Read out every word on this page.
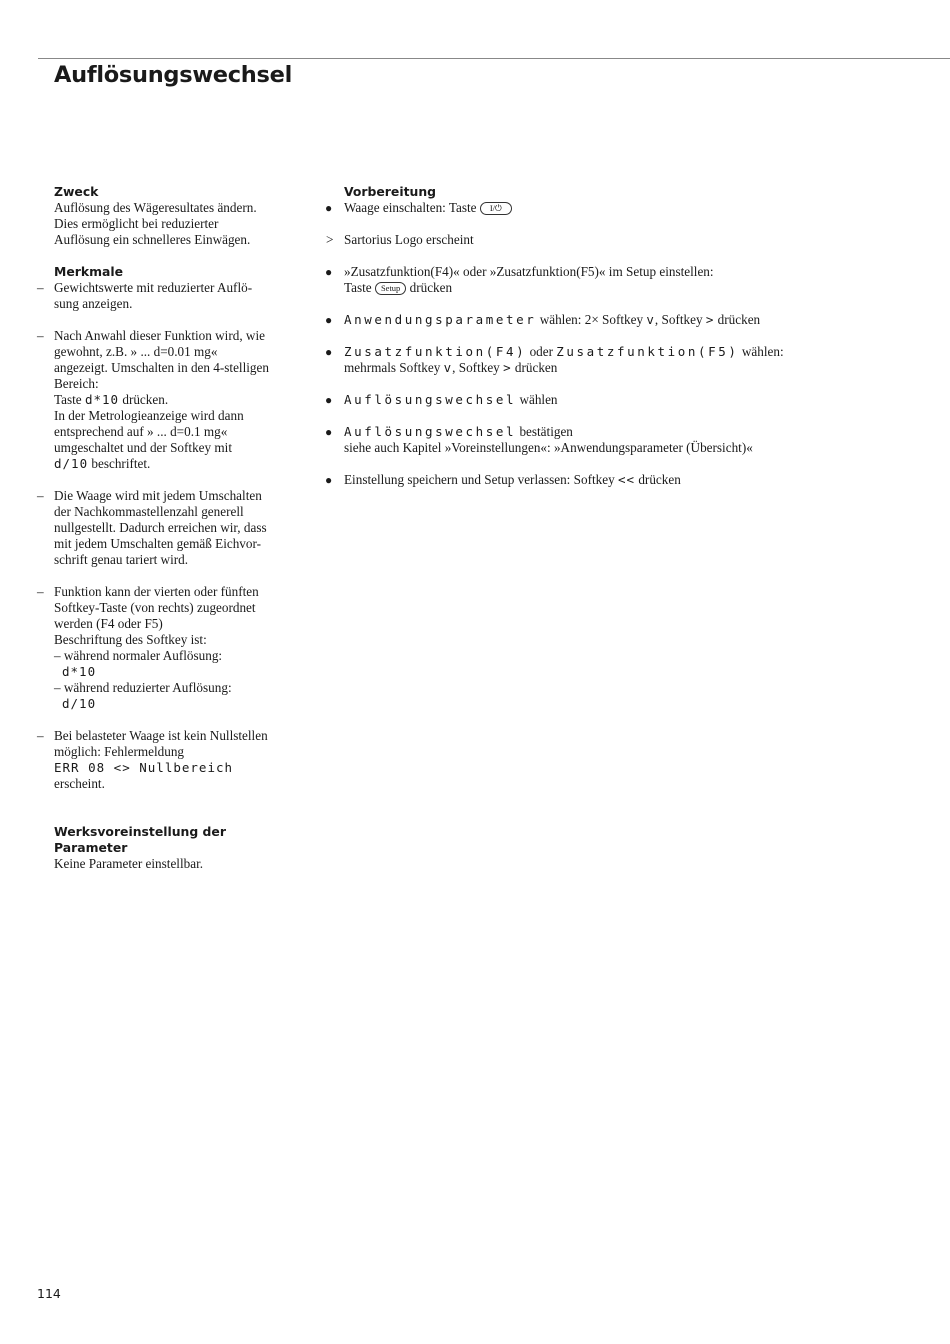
Auflösungswechsel

Zweck

Auflösung des Wägeresultates ändern.

Dies ermöglicht bei reduzierter

Auflösung ein schnelleres Einwägen.

Merkmale

– Gewichtswerte mit reduzierter Auflö-

sung anzeigen.

– Nach Anwahl dieser Funktion wird, wie

gewohnt, z.B. » ... d=0.01 mg«

angezeigt. Umschalten in den 4-stelligen

Bereich:

Taste d*10 drücken.

In der Metrologieanzeige wird dann

entsprechend auf » ... d=0.1 mg«

umgeschaltet und der Softkey mit

d/10 beschriftet.

– Die Waage wird mit jedem Umschalten

der Nachkommastellenzahl generell

nullgestellt. Dadurch erreichen wir, dass

mit jedem Umschalten gemäß Eichvor-

schrift genau tariert wird.

– Funktion kann der vierten oder fünften

Softkey-Taste (von rechts) zugeordnet

werden (F4 oder F5)

Beschriftung des Softkey ist:

– während normaler Auflösung:

d*10

– während reduzierter Auflösung:

d/10

– Bei belasteter Waage ist kein Nullstellen

möglich: Fehlermeldung

ERR 08 <> Nullbereich

erscheint.

Werksvoreinstellung der Parameter

Keine Parameter einstellbar.

Vorbereitung

● Waage einschalten: Taste I/⏻
> Sartorius Logo erscheint
● »Zusatzfunktion(F4)« oder »Zusatzfunktion(F5)« im Setup einstellen:

Taste Setup drücken

● Anwendungsparameter wählen: 2× Softkey v, Softkey > drücken
● Zusatzfunktion(F4) oder Zusatzfunktion(F5) wählen:

mehrmals Softkey v, Softkey > drücken

● Auflösungswechsel wählen
● Auflösungswechsel bestätigen

siehe auch Kapitel »Voreinstellungen«: »Anwendungsparameter (Übersicht)«

● Einstellung speichern und Setup verlassen: Softkey << drücken
114
